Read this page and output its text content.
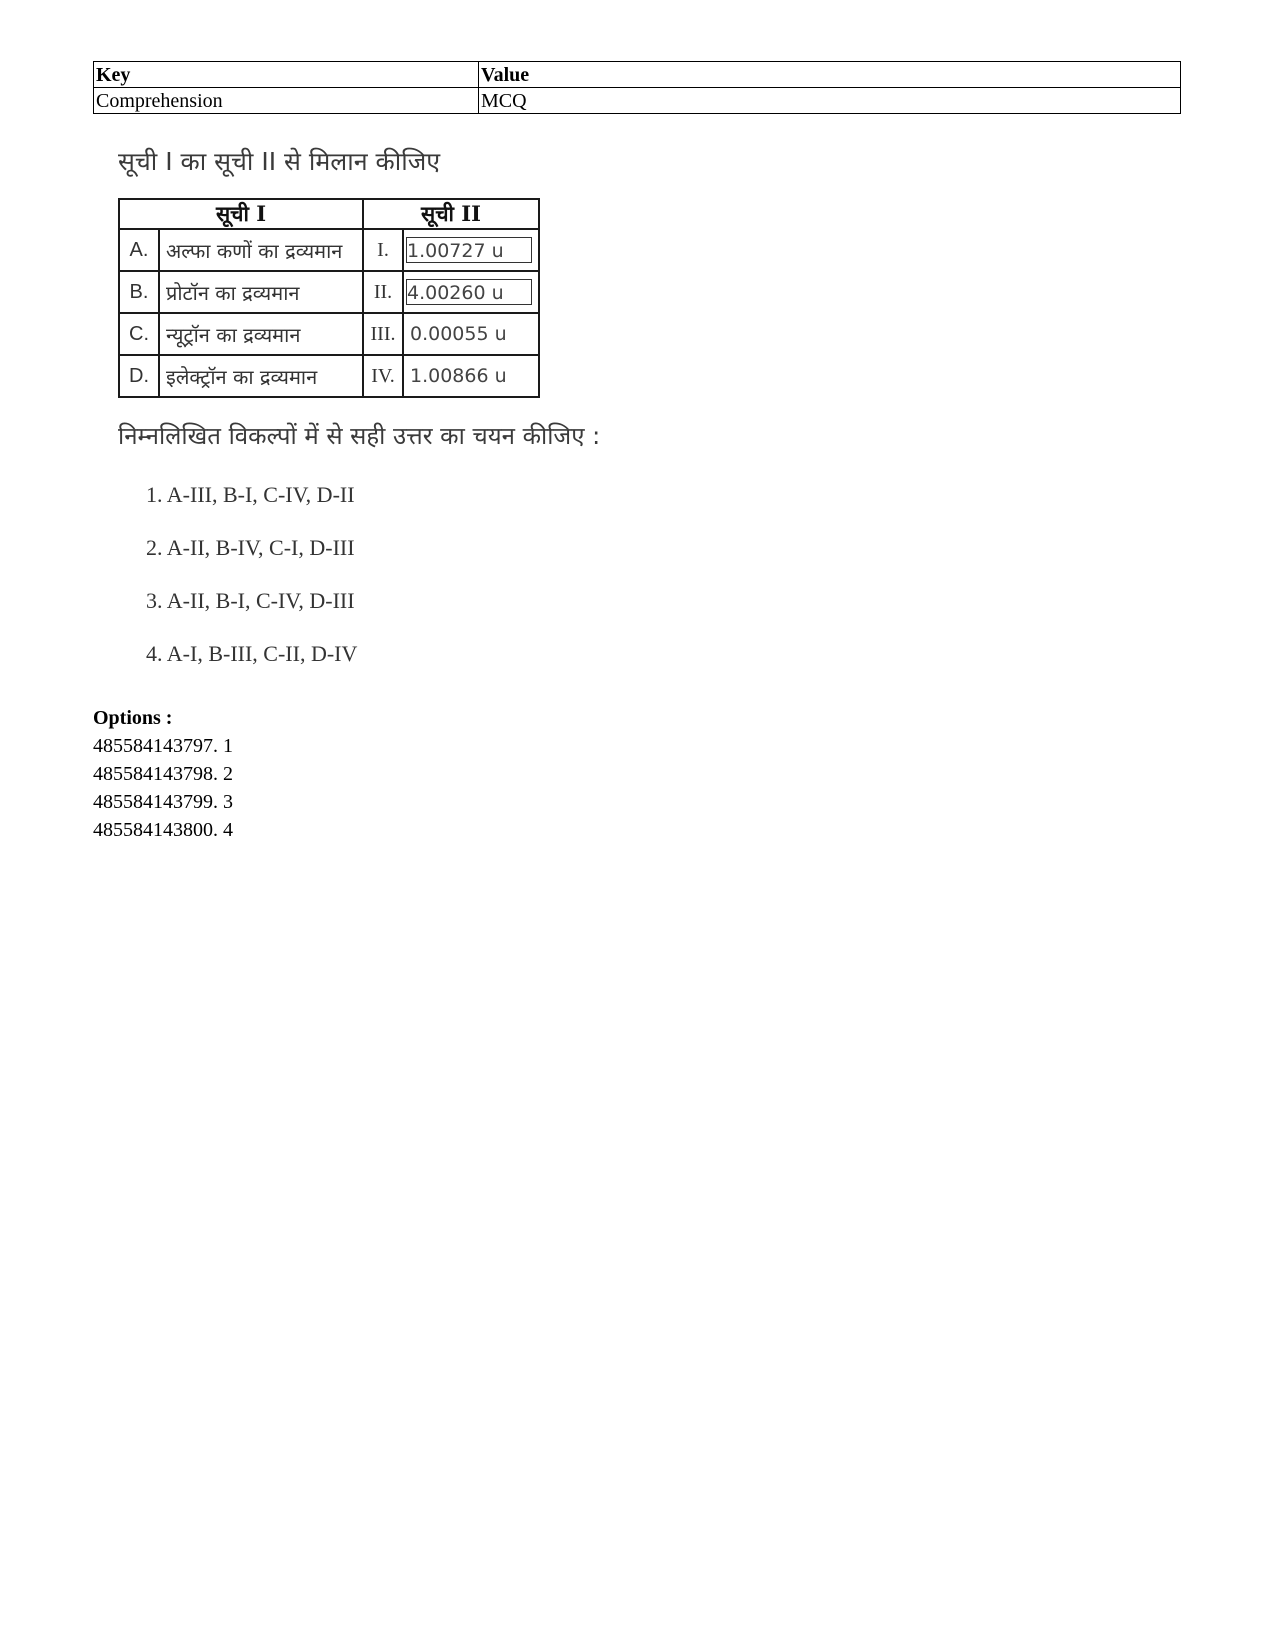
Key	Value
Comprehension	MCQ

सूची I का सूची II से मिलान कीजिए

सूची I		सूची II	
A.	अल्फा कणों का द्रव्यमान	I.	1.00727 u
B.	प्रोटॉन का द्रव्यमान	II.	4.00260 u
C.	न्यूट्रॉन का द्रव्यमान	III.	0.00055 u
D.	इलेक्ट्रॉन का द्रव्यमान	IV.	1.00866 u

निम्नलिखित विकल्पों में से सही उत्तर का चयन कीजिए :

1. A-III, B-I, C-IV, D-II
2. A-II, B-IV, C-I, D-III
3. A-II, B-I, C-IV, D-III
4. A-I, B-III, C-II, D-IV
Options :
485584143797. 1
485584143798. 2
485584143799. 3
485584143800. 4
